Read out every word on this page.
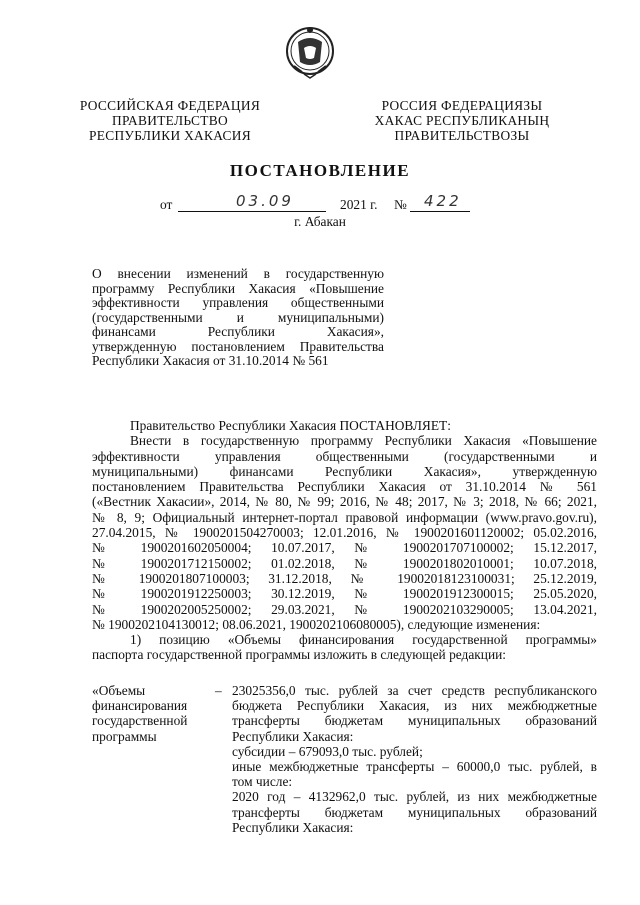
РОССИЙСКАЯ ФЕДЕРАЦИЯ
ПРАВИТЕЛЬСТВО
РЕСПУБЛИКИ ХАКАСИЯ
РОССИЯ ФЕДЕРАЦИЯЗЫ
ХАКАС РЕСПУБЛИКАНЫҢ
ПРАВИТЕЛЬСТВОЗЫ
ПОСТАНОВЛЕНИЕ
от	03.09	2021 г. № 422
г. Абакан
О внесении изменений в государственную
программу Республики Хакасия «Повышение
эффективности управления общественными
(государственными и муниципальными)
финансами Республики Хакасия»,
утвержденную постановлением Правительства
Республики Хакасия от 31.10.2014 № 561
Правительство Республики Хакасия ПОСТАНОВЛЯЕТ:
Внести в государственную программу Республики Хакасия «Повышение
эффективности управления общественными (государственными и
муниципальными) финансами Республики Хакасия», утвержденную
постановлением Правительства Республики Хакасия от 31.10.2014 № 561
(«Вестник Хакасии», 2014, № 80, № 99; 2016, № 48; 2017, № 3; 2018, № 66; 2021,
№ 8, 9; Официальный интернет-портал правовой информации (www.pravo.gov.ru),
27.04.2015, № 1900201504270003; 12.01.2016, № 1900201601120002; 05.02.2016,
№ 1900201602050004; 10.07.2017, № 1900201707100002; 15.12.2017,
№ 1900201712150002; 01.02.2018, № 1900201802010001; 10.07.2018,
№ 1900201807100003; 31.12.2018, № 19002018123100031; 25.12.2019,
№ 1900201912250003; 30.12.2019, № 1900201912300015; 25.05.2020,
№ 1900202005250002; 29.03.2021, № 1900202103290005; 13.04.2021,
№ 1900202104130012; 08.06.2021, 1900202106080005), следующие изменения:
1) позицию «Объемы финансирования государственной программы»
паспорта государственной программы изложить в следующей редакции:
«Объемы
финансирования
государственной
программы
– 23025356,0 тыс. рублей за счет средств республиканского
бюджета Республики Хакасия, из них межбюджетные
трансферты бюджетам муниципальных образований
Республики Хакасия:
субсидии – 679093,0 тыс. рублей;
иные межбюджетные трансферты – 60000,0 тыс. рублей, в
том числе:
2020 год – 4132962,0 тыс. рублей, из них межбюджетные
трансферты бюджетам муниципальных образований
Республики Хакасия:
